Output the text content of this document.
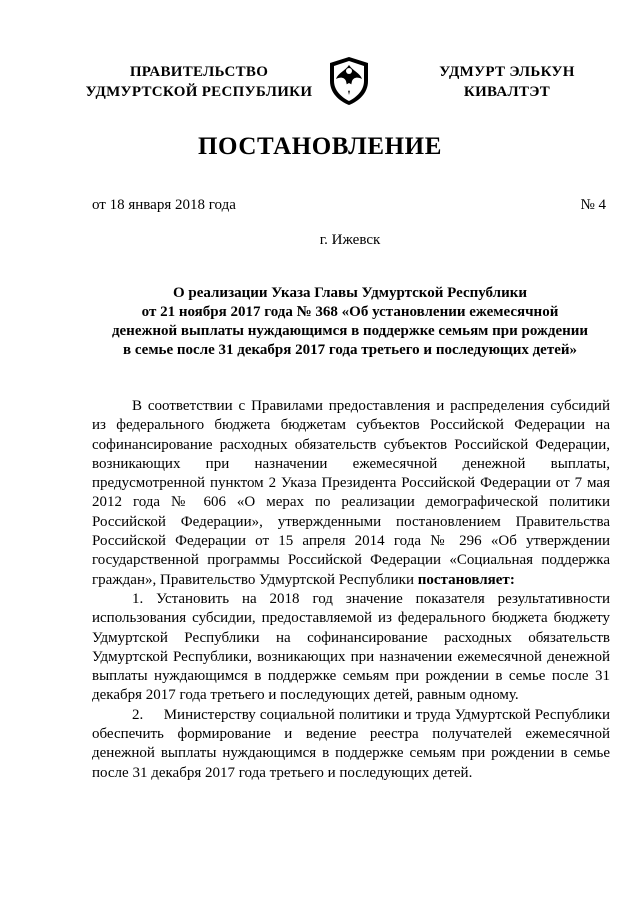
ПРАВИТЕЛЬСТВО
УДМУРТСКОЙ РЕСПУБЛИКИ
УДМУРТ ЭЛЬКУН
КИВАЛТЭТ
ПОСТАНОВЛЕНИЕ
от 18 января 2018 года	№ 4
г. Ижевск
О реализации Указа Главы Удмуртской Республики
от 21 ноября 2017 года № 368 «Об установлении ежемесячной
денежной выплаты нуждающимся в поддержке семьям при рождении
в семье после 31 декабря 2017 года третьего и последующих детей»

В соответствии с Правилами предоставления и распределения субсидий из федерального бюджета бюджетам субъектов Российской Федерации на софинансирование расходных обязательств субъектов Российской Федерации, возникающих при назначении ежемесячной денежной выплаты, предусмотренной пунктом 2 Указа Президента Российской Федерации от 7 мая 2012 года № 606 «О мерах по реализации демографической политики Российской Федерации», утвержденными постановлением Правительства Российской Федерации от 15 апреля 2014 года № 296 «Об утверждении государственной программы Российской Федерации «Социальная поддержка граждан», Правительство Удмуртской Республики постановляет:

1. Установить на 2018 год значение показателя результативности использования субсидии, предоставляемой из федерального бюджета бюджету Удмуртской Республики на софинансирование расходных обязательств Удмуртской Республики, возникающих при назначении ежемесячной денежной выплаты нуждающимся в поддержке семьям при рождении в семье после 31 декабря 2017 года третьего и последующих детей, равным одному.

2. Министерству социальной политики и труда Удмуртской Республики обеспечить формирование и ведение реестра получателей ежемесячной денежной выплаты нуждающимся в поддержке семьям при рождении в семье после 31 декабря 2017 года третьего и последующих детей.
